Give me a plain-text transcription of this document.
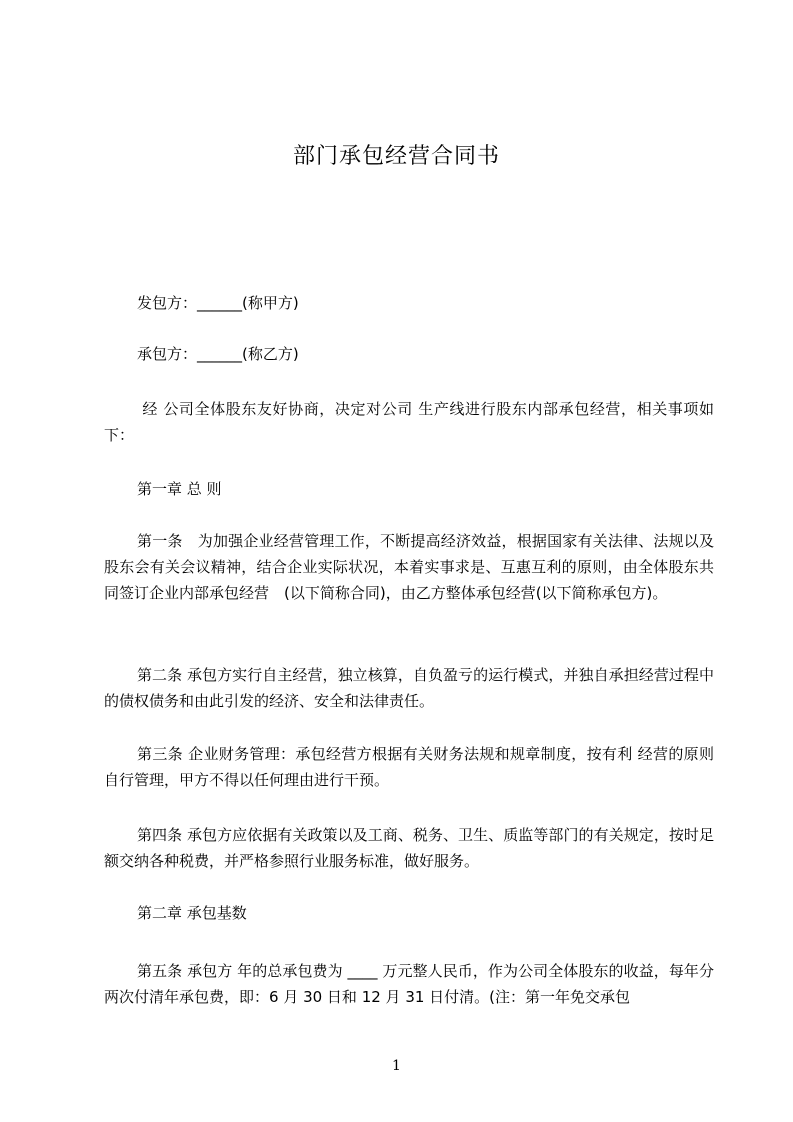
部门承包经营合同书
发包方：______(称甲方)
承包方：______(称乙方)
经 公司全体股东友好协商，决定对公司 生产线进行股东内部承包经营，相关事项如下：
第一章 总 则
第一条　为加强企业经营管理工作，不断提高经济效益，根据国家有关法律、法规以及股东会有关会议精神，结合企业实际状况，本着实事求是、互惠互利的原则，由全体股东共同签订企业内部承包经营　(以下简称合同)，由乙方整体承包经营(以下简称承包方)。
第二条 承包方实行自主经营，独立核算，自负盈亏的运行模式，并独自承担经营过程中的债权债务和由此引发的经济、安全和法律责任。
第三条 企业财务管理：承包经营方根据有关财务法规和规章制度，按有利 经营的原则自行管理，甲方不得以任何理由进行干预。
第四条 承包方应依据有关政策以及工商、税务、卫生、质监等部门的有关规定，按时足额交纳各种税费，并严格参照行业服务标准，做好服务。
第二章 承包基数
第五条 承包方 年的总承包费为 ____ 万元整人民币，作为公司全体股东的收益，每年分两次付清年承包费，即：6 月 30 日和 12 月 31 日付清。(注：第一年免交承包
1
